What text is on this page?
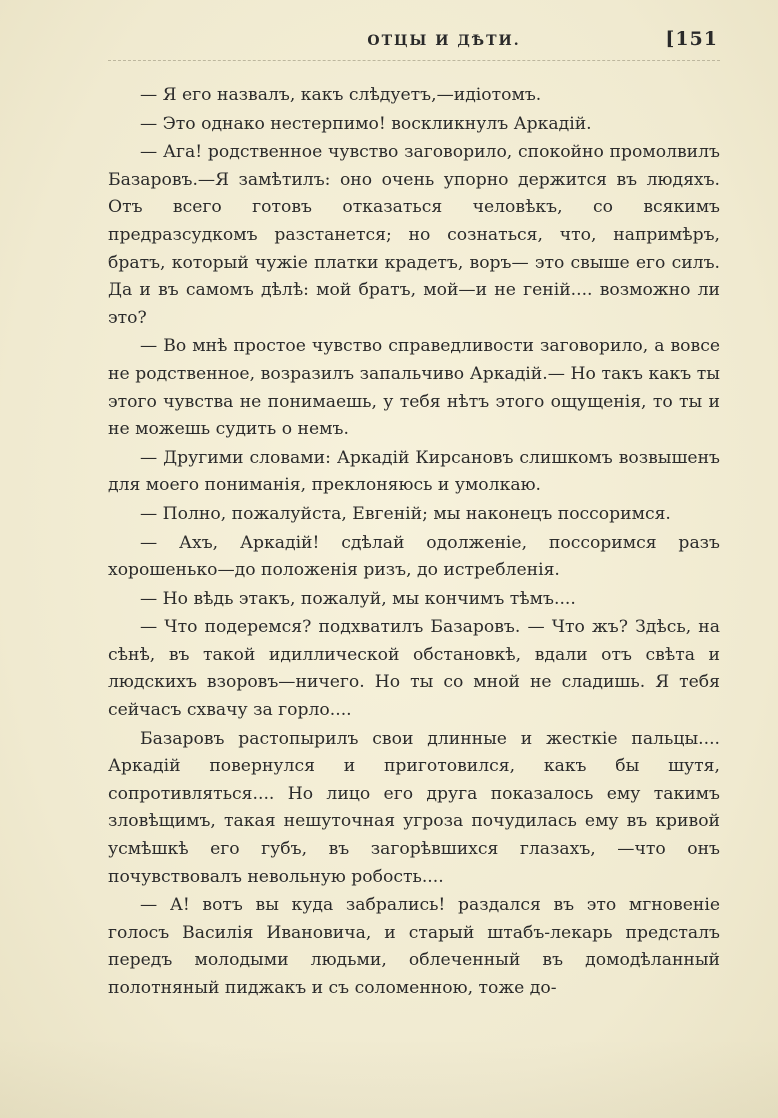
ОТЦЫ И ДѢТИ.	[151

— Я его назвалъ, какъ слѣдуетъ,—идіотомъ.

— Это однако нестерпимо! воскликнулъ Аркадій.

— Ага! родственное чувство заговорило, спокойно промолвилъ Базаровъ.—Я замѣтилъ: оно очень упорно держится въ людяхъ. Отъ всего готовъ отказаться человѣкъ, со всякимъ предразсудкомъ разстанется; но сознаться, что, напримѣръ, братъ, который чужіе платки крадетъ, воръ— это свыше его силъ. Да и въ самомъ дѣлѣ: мой братъ, мой—и не геній.... возможно ли это?

— Во мнѣ простое чувство справедливости заговорило, а вовсе не родственное, возразилъ запальчиво Аркадій.— Но такъ какъ ты этого чувства не понимаешь, у тебя нѣтъ этого ощущенія, то ты и не можешь судить о немъ.

— Другими словами: Аркадій Кирсановъ слишкомъ возвышенъ для моего пониманія, преклоняюсь и умолкаю.

— Полно, пожалуйста, Евгеній; мы наконецъ поссоримся.

— Ахъ, Аркадій! сдѣлай одолженіе, поссоримся разъ хорошенько—до положенія ризъ, до истребленія.

— Но вѣдь этакъ, пожалуй, мы кончимъ тѣмъ....

— Что подеремся? подхватилъ Базаровъ. — Что жъ? Здѣсь, на сѣнѣ, въ такой идиллической обстановкѣ, вдали отъ свѣта и людскихъ взоровъ—ничего. Но ты со мной не сладишь. Я тебя сейчасъ схвачу за горло....

Базаровъ растопырилъ свои длинные и жесткіе пальцы.... Аркадій повернулся и приготовился, какъ бы шутя, сопротивляться.... Но лицо его друга показалось ему такимъ зловѣщимъ, такая нешуточная угроза почудилась ему въ кривой усмѣшкѣ его губъ, въ загорѣвшихся глазахъ, —что онъ почувствовалъ невольную робость....

— А! вотъ вы куда забрались! раздался въ это мгновеніе голосъ Василія Ивановича, и старый штабъ-лекарь предсталъ передъ молодыми людьми, облеченный въ домодѣланный полотняный пиджакъ и съ соломенною, тоже до-
